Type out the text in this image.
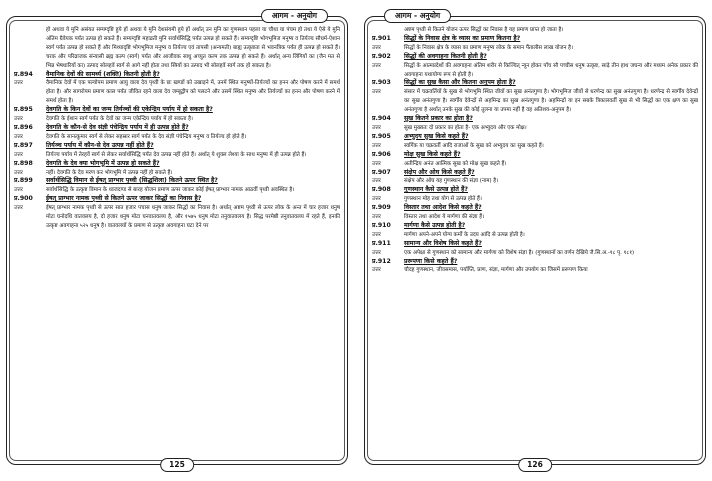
आगम - अनुयोग
हो अथवा ये मुनि असंयत सम्यग्दृष्टि हुये हों अथवा ये मुनि देशसंयमी हुये हों अर्थात् उन मुनि का गुणस्थान पहला या चौथा या पंचम हो तथा ये ऐसे ये मुनि अंतिम ग्रैवेयक पर्यंत उत्पन्न हो सकते हैं। सम्यग्दृष्टि महाव्रती मुनि सर्वार्थसिद्धि पर्यंत उत्पन्न हो सकते हैं। सम्यग्दृष्टि भोगभूमिज मनुष्य व तिर्यञ्च सौधर्म-ऐशान स्वर्ग पर्यंत उत्पन्न हो सकते हैं और मिथ्यादृष्टि भोगभूमिज मनुष्य व तिर्यञ्च एवं तापसी (अन्यमती) बाह्य उत्कृष्टता से भवनत्रिक पर्यंत ही उत्पन्न हो सकते हैं। चरक और परिव्राजक संन्यासी ब्रह्म कल्प (स्वर्ग) पर्यंत और आजीवक साधु अच्युत कल्प तक उत्पन्न हो सकते हैं। अर्थात् अन्य लिंगियों का (जैन मत से भिन्न भेषधारियों का) उत्पाद सोलहवें स्वर्ग से आगे नहीं होता तथा स्त्रियों का उत्पाद भी सोलहवें स्वर्ग तक हो सकता है।
प्र.894	वैमानिक देवों की सामर्थ्य (शक्ति) कितनी होती है?
उत्तर	वैमानिक देवों में एक पल्योपम प्रमाण आयु वाला देव पृथ्वी के छः खण्डों को उखाड़ने में, उनमें स्थित मनुष्यों-तिर्यञ्चों का हनन और पोषण करने में समर्थ होता है। और सागरोपम प्रमाण काल पर्यंत जीवित रहने वाला देव जम्बूद्वीप को पलटने और उसमें स्थित मनुष्य और तिर्यञ्चों का हनन और पोषण करने में समर्थ होता है।
प्र.895	देवगति के किन देवों का जन्म तिर्यञ्चों की एकेन्द्रिय पर्याय में हो सकता है?
उत्तर	देवगति के ईशान स्वर्ग पर्यंत के देवों का जन्म एकेन्द्रिय पर्याय में हो सकता है।
प्र.896	देवगति के कौन-से देव संज्ञी पंचेन्द्रिय पर्याय में ही उत्पन्न होते हैं?
उत्तर	देवगति के सानत्कुमार स्वर्ग से लेकर सहस्रार स्वर्ग पर्यंत के देव संज्ञी पंचेन्द्रिय मनुष्य व तिर्यञ्च हो होते हैं।
प्र.897	तिर्यञ्च पर्याय में कौन-से देव उत्पन्न नहीं होते हैं?
उत्तर	तिर्यञ्च पर्याय में तेरहवें स्वर्ग से लेकर सर्वार्थसिद्धि पर्यंत देव उत्पन्न नहीं होते हैं। अर्थात् ये शुक्ल लेश्या के साथ मनुष्य में ही उत्पन्न होते हैं।
प्र.898	देवगति के देव क्या भोगभूमि में उत्पन्न हो सकते हैं?
उत्तर	नहीं। देवगति के देव मरण कर भोगभूमि में उत्पन्न नहीं हो सकते हैं।
प्र.899	सर्वार्थसिद्धि विमान से ईषत् प्राग्भार पृथ्वी (सिद्धशिला) कितने ऊपर स्थित है?
उत्तर	सर्वार्थसिद्धि के उत्कृष्ट विमान के ध्वजदण्ड से बारह योजन प्रमाण ऊपर जाकर कोई ईषत् प्राग्भार नामक आठवीं पृथ्वी अवस्थित है।
प्र.900	ईषत् प्राग्भार नामक पृथ्वी से कितने ऊपर जाकर सिद्धों का निवास है?
उत्तर	ईषत् प्राग्भार नामक पृथ्वी से ऊपर सात हजार पचास धनुष जाकर सिद्धों का निवास है। अर्थात् अष्टम पृथ्वी से ऊपर लोक के अन्त में चार हजार धनुष मोटा घनोदधि वातवलय है, दो हजार धनुष मोटा घनवातवलय है, और १५७५ धनुष मोटा तनुवातवलय है। सिद्ध परमेष्ठी तनुवातवलय में रहते हैं, इनकी उत्कृष्ट अवगाहना ५२५ धनुष है। वातवलयों के प्रमाण से उत्कृष्ट अवगाहना घटा देने पर
125
आगम - अनुयोग
अष्टम पृथ्वी से कितने योजन ऊपर सिद्धों का निवास है यह प्रमाण प्राप्त हो जाता है।
प्र.901	सिद्धों के निवास क्षेत्र के व्यास का प्रमाण कितना है?
उत्तर	सिद्धों के निवास क्षेत्र के व्यास का प्रमाण मनुष्य लोक के समान पैंतालीस लाख योजन है।
प्र.902	सिद्धों की अवगाहना कितनी होती है?
उत्तर	सिद्धों के आत्मप्रदेशों की अवगाहना अंतिम शरीर से किञ्चित् न्यून होकर पाँच सौ पच्चीस धनुष उत्कृष्ट, साढ़े तीन हाथ जघन्य और मध्यम अनेक प्रकार की अवगाहना यथायोग्य रूप से होती है।
प्र.903	सिद्धों का सुख कैसा और कितना अनुपम होता है?
उत्तर	संसार में चक्रवर्तियों के सुख से भोगभूमि स्थित जीवों का सुख अनंतगुणा है। भोगभूमिज जीवों से धरणेन्द्र का सुख अनंतगुणा है। धरणेन्द्र से स्वर्गीय देवेन्द्रों का सुख अनंतगुणा है। स्वर्गीय देवेन्द्रों से अहमिन्द्र का सुख अनंतगुणा है। अहमिन्द्रों या इन सबके त्रिकालवर्ती सुख से भी सिद्धों का एक क्षण का सुख अनंतगुणा है अर्थात् उनके सुख की कोई तुलना या उपमा नहीं है वह अतिशय-अनुपम है।
प्र.904	सुख कितने प्रकार का होता है?
उत्तर	सुख मुख्यतः दो प्रकार का होता है- एक अभ्युदय और एक मोक्ष।
प्र.905	अभ्युदय सुख किसे कहते हैं?
उत्तर	स्वर्गिक या चक्रवर्ती आदि राजाओं के सुख को अभ्युदय का सुख कहते हैं।
प्र.906	मोक्ष सुख किसे कहते हैं?
उत्तर	अतीन्द्रिय अनंत आत्मिक सुख को मोक्ष सुख कहते हैं।
प्र.907	संक्षेप और ओघ किसे कहते हैं?
उत्तर	संक्षेप और ओघ यह गुणस्थान की संज्ञा (नाम) है।
प्र.908	गुणस्थान कैसे उत्पन्न होते हैं?
उत्तर	गुणस्थान मोह तथा योग से उत्पन्न होते हैं।
प्र.909	विस्तार तथा आदेश किसे कहते हैं?
उत्तर	विस्तार तथा आदेश ये मार्गणा की संज्ञा हैं।
प्र.910	मार्गणा कैसे उत्पन्न होती है?
उत्तर	मार्गणा अपने-अपने योग्य कर्मों के उदय आदि से उत्पन्न होती है।
प्र.911	सामान्य और विशेष किसे कहते हैं?
उत्तर	एक अपेक्षा से गुणस्थान को सामान्य और मार्गणा को विशेष संज्ञा है। (गुणस्थानों का वर्णन देखिये जै.सि.अ.-१८ पृ. १८१)
प्र.912	प्ररूपणा किसे कहते हैं?
उत्तर	चौदह गुणस्थान, जीवसमास, पर्याप्ति, प्राण, संज्ञा, मार्गणा और उपयोग का जिसमें प्ररूपण किया
126
